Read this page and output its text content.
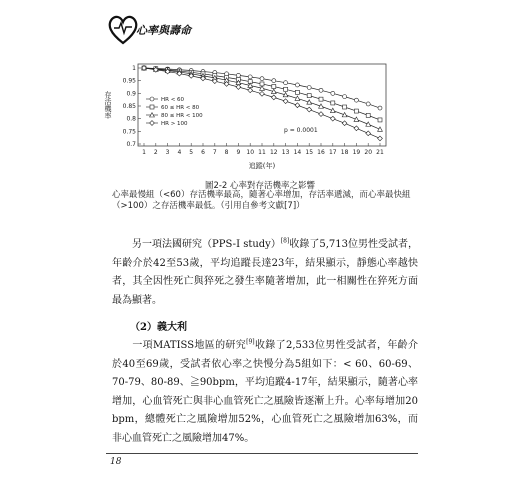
心率與壽命
0.7
0.75
0.8
0.85
0.9
0.95
1
1 2 3 4 5 6 7 8 9 10 11 12 13 14 15 16 17 18 19 20 21
存活機率
追蹤(年)
p = 0.0001
HR < 60
60 ≤ HR < 80
80 ≤ HR < 100
HR > 100
圖2-2 心率對存活機率之影響
心率最慢組（<60）存活機率最高，隨著心率增加，存活率遞減，而心率最快組（>100）之存活機率最低。（引用自參考文獻[7]）
另一項法國研究（PPS-I study）[8]收錄了5,713位男性受試者，年齡介於42至53歲，平均追蹤長達23年，結果顯示，靜態心率越快者，其全因性死亡與猝死之發生率隨著增加，此一相關性在猝死方面最為顯著。
（2）義大利
一項MATISS地區的研究[9]收錄了2,533位男性受試者，年齡介於40至69歲，受試者依心率之快慢分為5組如下：< 60、60-69、70-79、80-89、≧90bpm，平均追蹤4-17年，結果顯示，隨著心率增加，心血管死亡與非心血管死亡之風險皆逐漸上升。心率每增加20 bpm，總體死亡之風險增加52%，心血管死亡之風險增加63%，而非心血管死亡之風險增加47%。
18
